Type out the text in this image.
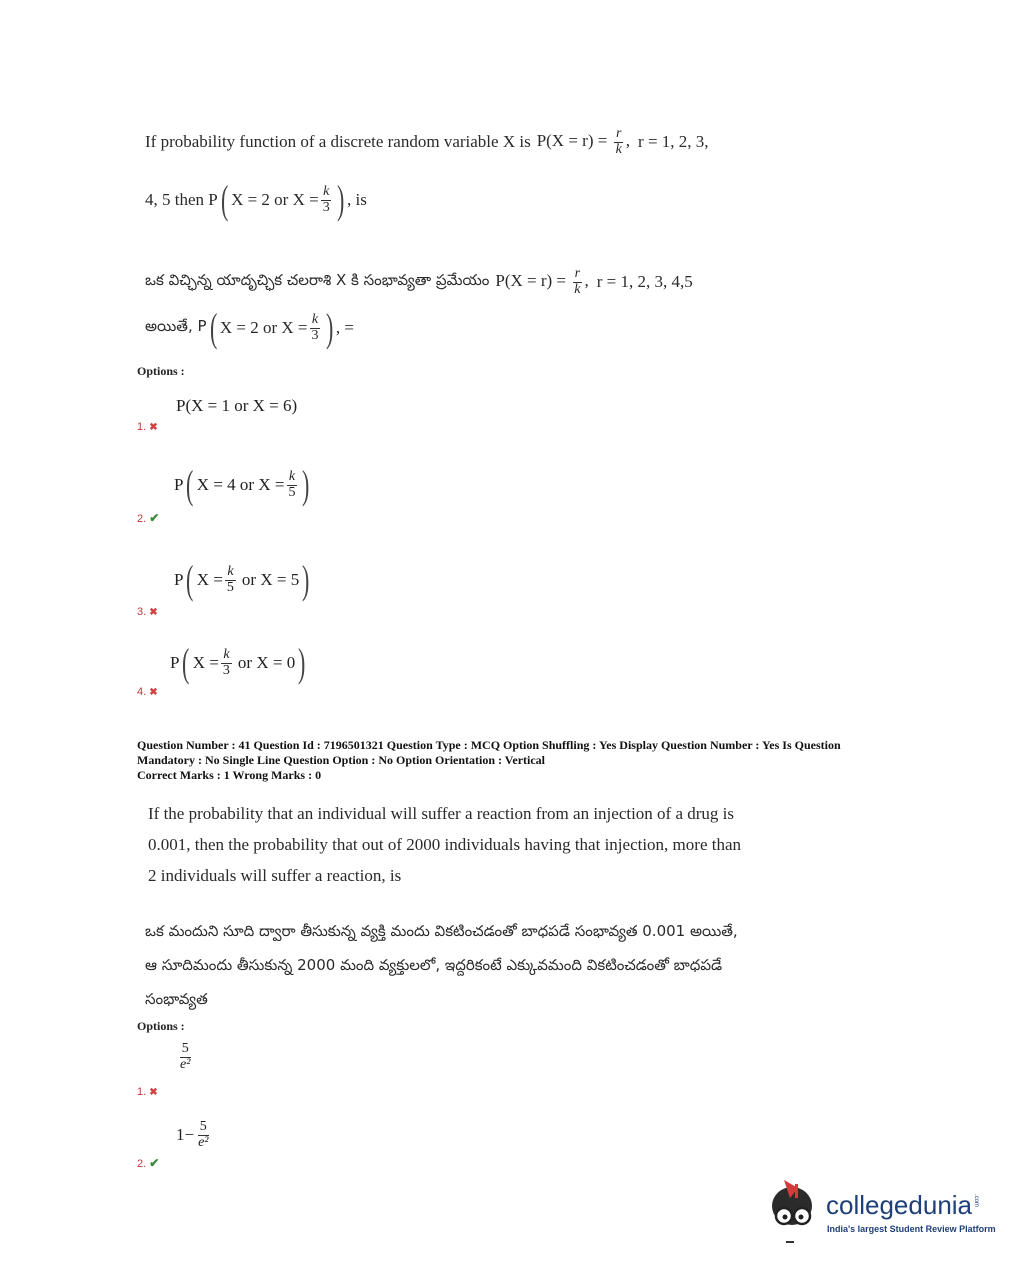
If probability function of a discrete random variable X is $P(X = r) = \frac{r}{k}$ , r = 1, 2, 3,
4, 5 then P ( X = 2 or $X = \frac{k}{3}$ ) , is
ఒక విచ్ఛిన్న యాదృచ్ఛిక చలరాశి X కి సంభావ్యతా ప్రమేయం $P(X = r) = \frac{r}{k}$ , r = 1, 2, 3, 4,5
అయితే, P ( X = 2 or $X = \frac{k}{3}$ ) , =
Options :
P(X = 1 or X = 6)
1. ✖
P ( X = 4 or $X = \frac{k}{5}$ )
2. ✔
P ( $X = \frac{k}{5}$ or X = 5 )
3. ✖
P ( $X = \frac{k}{3}$ or X = 0 )
4. ✖
Question Number : 41 Question Id : 7196501321 Question Type : MCQ Option Shuffling : Yes Display Question Number : Yes Is Question
Mandatory : No Single Line Question Option : No Option Orientation : Vertical
Correct Marks : 1 Wrong Marks : 0
If the probability that an individual will suffer a reaction from an injection of a drug is
0.001, then the probability that out of 2000 individuals having that injection, more than
2 individuals will suffer a reaction, is
ఒక మందుని సూది ద్వారా తీసుకున్న వ్యక్తి మందు వికటించడంతో బాధపడే సంభావ్యత 0.001 అయితే,
ఆ సూదిమందు తీసుకున్న 2000 మంది వ్యక్తులలో, ఇద్దరికంటే ఎక్కువమంది వికటించడంతో బాధపడే
సంభావ్యత
Options :
$\frac{5}{\text{e²}}$
1. ✖
$1- \frac{5}{\text{e²}}$
2. ✔
collegedunia .com
India's largest Student Review Platform
